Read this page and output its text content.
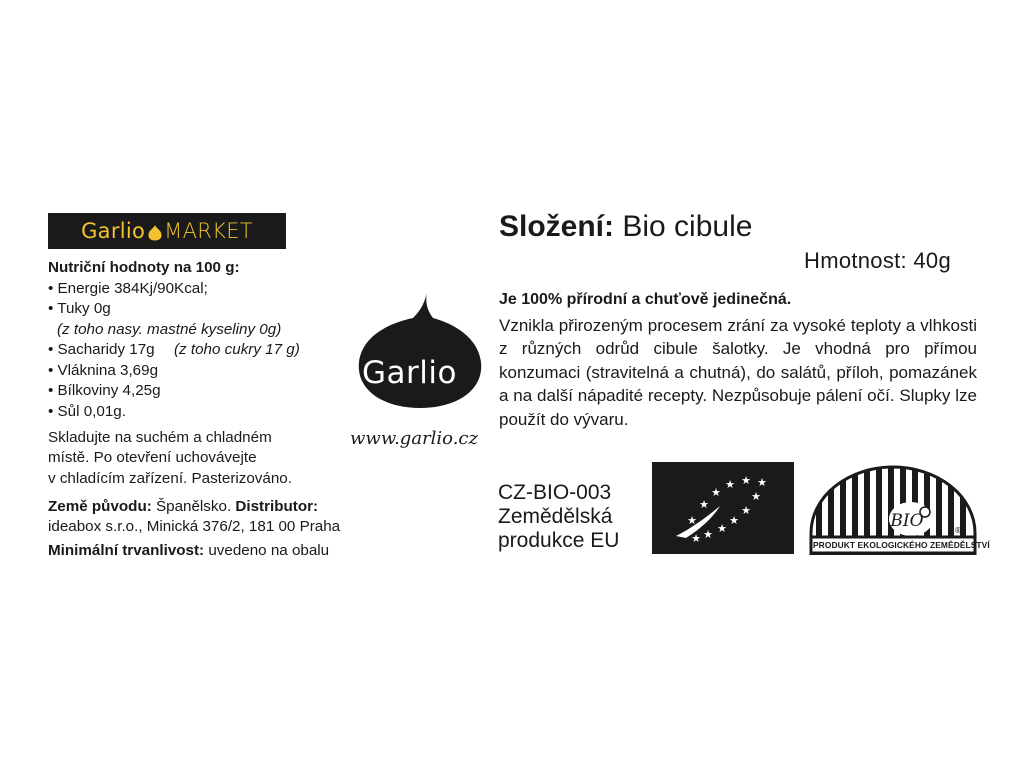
Garlio MARKET
Nutriční hodnoty na 100 g:
• Energie 384Kj/90Kcal;
• Tuky 0g
(z toho nasy. mastné kyseliny 0g)
• Sacharidy 17g (z toho cukry 17 g)
• Vláknina 3,69g
• Bílkoviny 4,25g
• Sůl 0,01g.
Skladujte na suchém a chladném
místě. Po otevření uchovávejte
v chladícím zařízení. Pasterizováno.
Země původu: Španělsko. Distributor:
ideabox s.r.o., Minická 376/2, 181 00 Praha
Minimální trvanlivost: uvedeno na obalu
Garlio
www.garlio.cz
Složení: Bio cibule
Hmotnost: 40g
Je 100% přírodní a chuťově jedinečná.
Vznikla přirozeným procesem zrání za vysoké teploty a vlhkosti z různých odrůd cibule šalotky. Je vhodná pro přímou konzumaci (stravitelná a chutná), do salátů, příloh, pomazánek a na další nápadité recepty. Nezpůsobuje pálení očí. Slupky lze použít do vývaru.
CZ-BIO-003
Zemědělská
produkce EU
★
★
★
★ ★ ★
★
★
★
★
★
★
BIO	®
PRODUKT EKOLOGICKÉHO ZEMĚDĚLSTVÍ
